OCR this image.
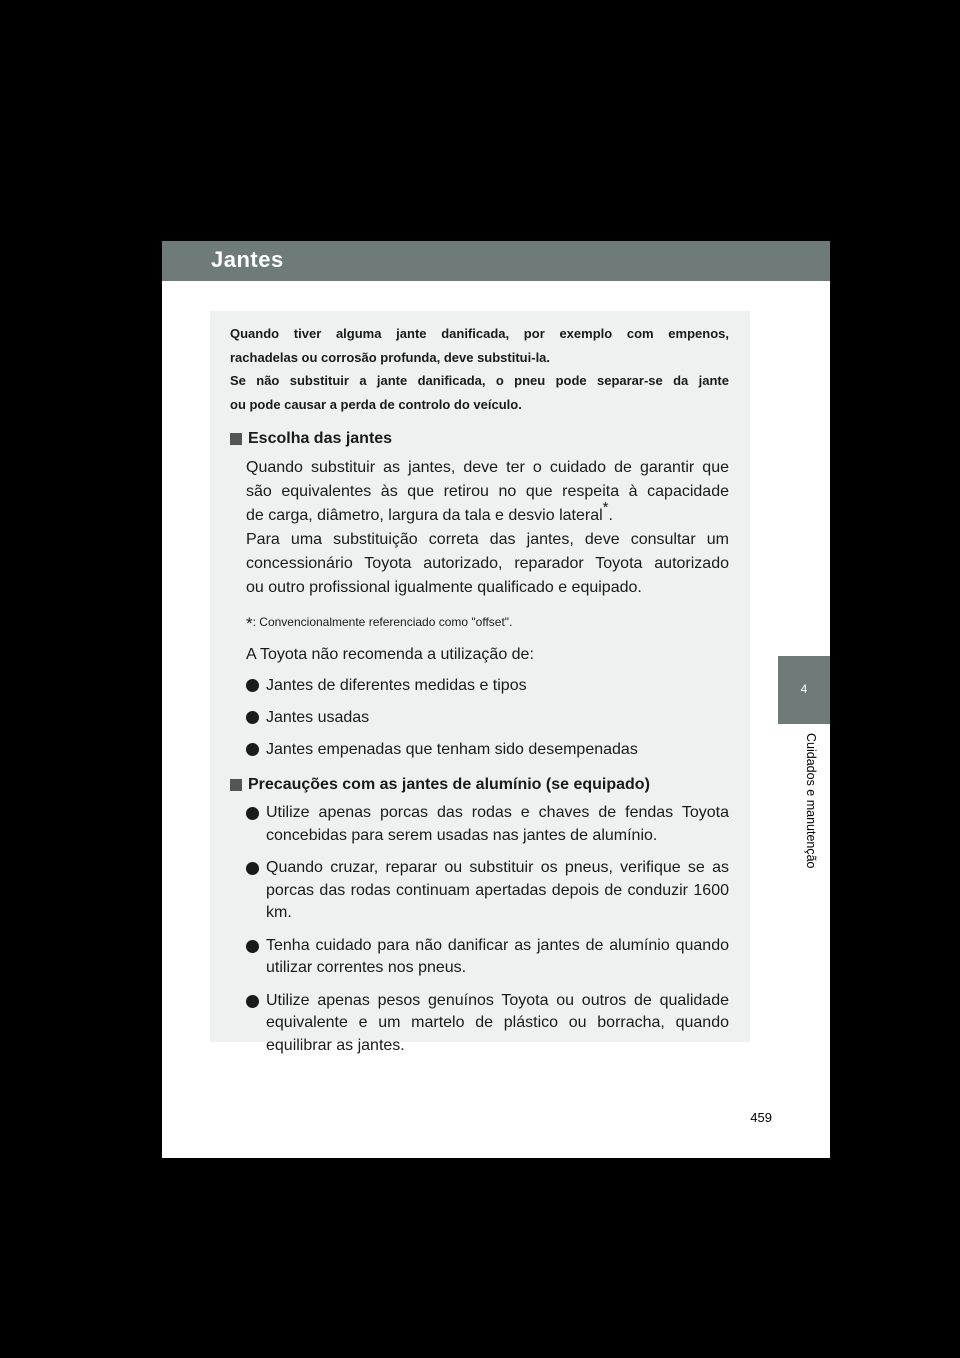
Jantes

Quando tiver alguma jante danificada, por exemplo com empenos,

rachadelas ou corrosão profunda, deve substitui-la.

Se não substituir a jante danificada, o pneu pode separar-se da jante

ou pode causar a perda de controlo do veículo.

Escolha das jantes
Quando substituir as jantes, deve ter o cuidado de garantir que
são equivalentes às que retirou no que respeita à capacidade
de carga, diâmetro, largura da tala e desvio lateral*.
Para uma substituição correta das jantes, deve consultar um
concessionário Toyota autorizado, reparador Toyota autorizado
ou outro profissional igualmente qualificado e equipado.
*: Convencionalmente referenciado como "offset".
A Toyota não recomenda a utilização de:
Jantes de diferentes medidas e tipos
Jantes usadas
Jantes empenadas que tenham sido desempenadas
Precauções com as jantes de alumínio (se equipado)
Utilize apenas porcas das rodas e chaves de fendas Toyota concebidas para serem usadas nas jantes de alumínio.
Quando cruzar, reparar ou substituir os pneus, verifique se as porcas das rodas continuam apertadas depois de conduzir 1600 km.
Tenha cuidado para não danificar as jantes de alumínio quando utilizar correntes nos pneus.
Utilize apenas pesos genuínos Toyota ou outros de qualidade equivalente e um martelo de plástico ou borracha, quando equilibrar as jantes.
4
Cuidados e manutenção
459
